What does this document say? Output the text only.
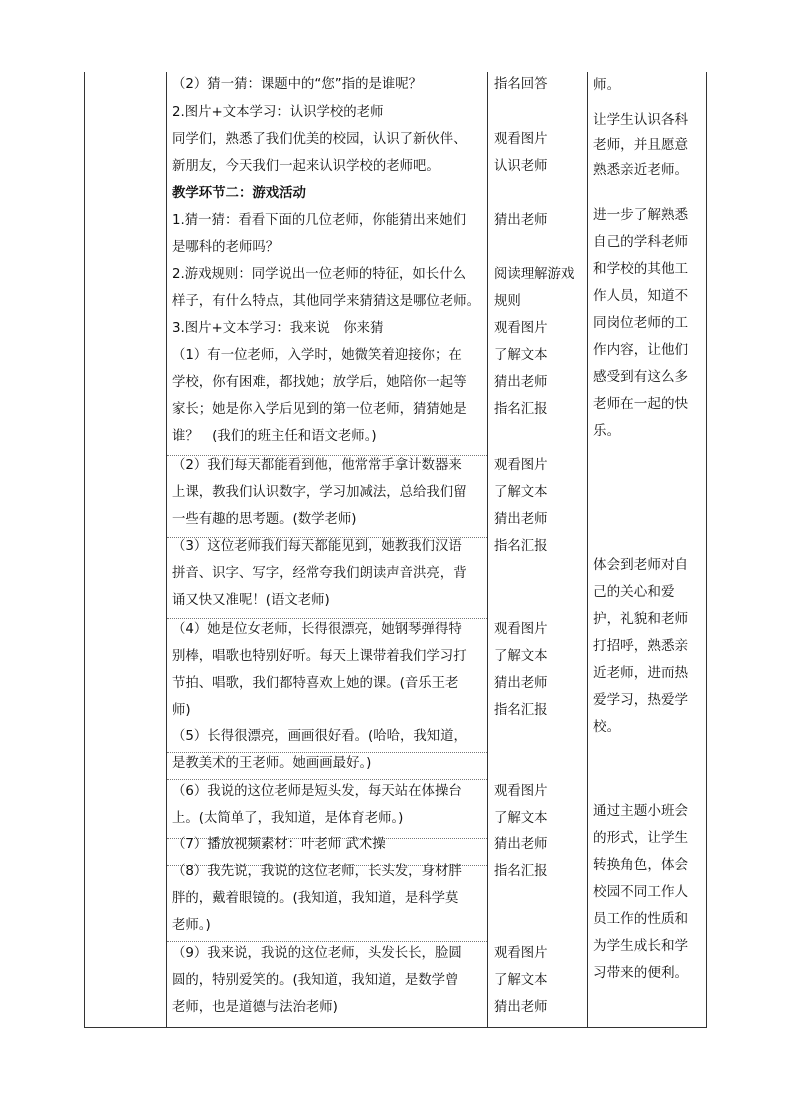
（2）猜一猜：课题中的“您”指的是谁呢？
2.图片+文本学习：认识学校的老师
同学们，熟悉了我们优美的校园，认识了新伙伴、
新朋友，今天我们一起来认识学校的老师吧。
教学环节二：游戏活动
1.猜一猜：看看下面的几位老师，你能猜出来她们
是哪科的老师吗？
2.游戏规则：同学说出一位老师的特征，如长什么
样子，有什么特点，其他同学来猜猜这是哪位老师。
3.图片+文本学习：我来说　你来猜
（1）有一位老师，入学时，她微笑着迎接你；在
学校，你有困难，都找她；放学后，她陪你一起等
家长；她是你入学后见到的第一位老师，猜猜她是
谁？　(我们的班主任和语文老师。)
（2）我们每天都能看到他，他常常手拿计数器来
上课，教我们认识数字，学习加减法，总给我们留
一些有趣的思考题。(数学老师)
（3）这位老师我们每天都能见到，她教我们汉语
拼音、识字、写字，经常夸我们朗读声音洪亮，背
诵又快又准呢！(语文老师)
（4）她是位女老师，长得很漂亮，她钢琴弹得特
别棒，唱歌也特别好听。每天上课带着我们学习打
节拍、唱歌，我们都特喜欢上她的课。(音乐王老
师)
（5）长得很漂亮，画画很好看。(哈哈，我知道，
是教美术的王老师。她画画最好。)
（6）我说的这位老师是短头发，每天站在体操台
上。(太简单了，我知道，是体育老师。)
（7）播放视频素材：叶老师 武术操
（8）我先说，我说的这位老师，长头发，身材胖
胖的，戴着眼镜的。(我知道，我知道，是科学莫
老师。)
（9）我来说，我说的这位老师，头发长长，脸圆
圆的，特别爱笑的。(我知道，我知道，是数学曾
老师，也是道德与法治老师)
指名回答
观看图片
认识老师
猜出老师
阅读理解游戏
规则
观看图片
了解文本
猜出老师
指名汇报
观看图片
了解文本
猜出老师
指名汇报
观看图片
了解文本
猜出老师
指名汇报
观看图片
了解文本
猜出老师
指名汇报
观看图片
了解文本
猜出老师
师。
让学生认识各科
老师，并且愿意
熟悉亲近老师。
进一步了解熟悉
自己的学科老师
和学校的其他工
作人员，知道不
同岗位老师的工
作内容，让他们
感受到有这么多
老师在一起的快
乐。
体会到老师对自
己的关心和爱
护，礼貌和老师
打招呼，熟悉亲
近老师，进而热
爱学习，热爱学
校。
通过主题小班会
的形式，让学生
转换角色，体会
校园不同工作人
员工作的性质和
为学生成长和学
习带来的便利。
